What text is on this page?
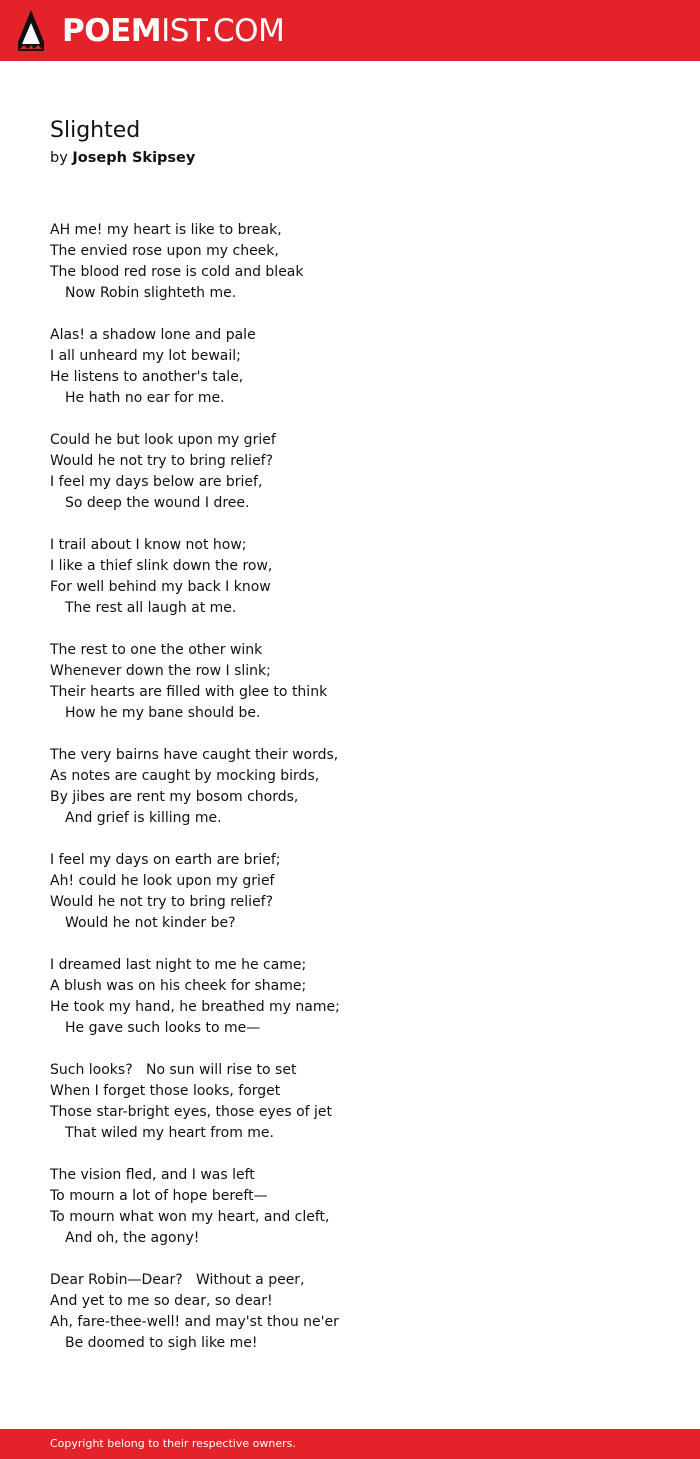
POEMIST.COM
Slighted
by Joseph Skipsey
AH me! my heart is like to break,
The envied rose upon my cheek,
The blood red rose is cold and bleak
Now Robin slighteth me.
Alas! a shadow lone and pale
I all unheard my lot bewail;
He listens to another's tale,
He hath no ear for me.
Could he but look upon my grief
Would he not try to bring relief?
I feel my days below are brief,
So deep the wound I dree.
I trail about I know not how;
I like a thief slink down the row,
For well behind my back I know
The rest all laugh at me.
The rest to one the other wink
Whenever down the row I slink;
Their hearts are filled with glee to think
How he my bane should be.
The very bairns have caught their words,
As notes are caught by mocking birds,
By jibes are rent my bosom chords,
And grief is killing me.
I feel my days on earth are brief;
Ah! could he look upon my grief
Would he not try to bring relief?
Would he not kinder be?
I dreamed last night to me he came;
A blush was on his cheek for shame;
He took my hand, he breathed my name;
He gave such looks to me—
Such looks?   No sun will rise to set
When I forget those looks, forget
Those star-bright eyes, those eyes of jet
That wiled my heart from me.
The vision fled, and I was left
To mourn a lot of hope bereft—
To mourn what won my heart, and cleft,
And oh, the agony!
Dear Robin—Dear?   Without a peer,
And yet to me so dear, so dear!
Ah, fare-thee-well! and may'st thou ne'er
Be doomed to sigh like me!
Copyright belong to their respective owners.
